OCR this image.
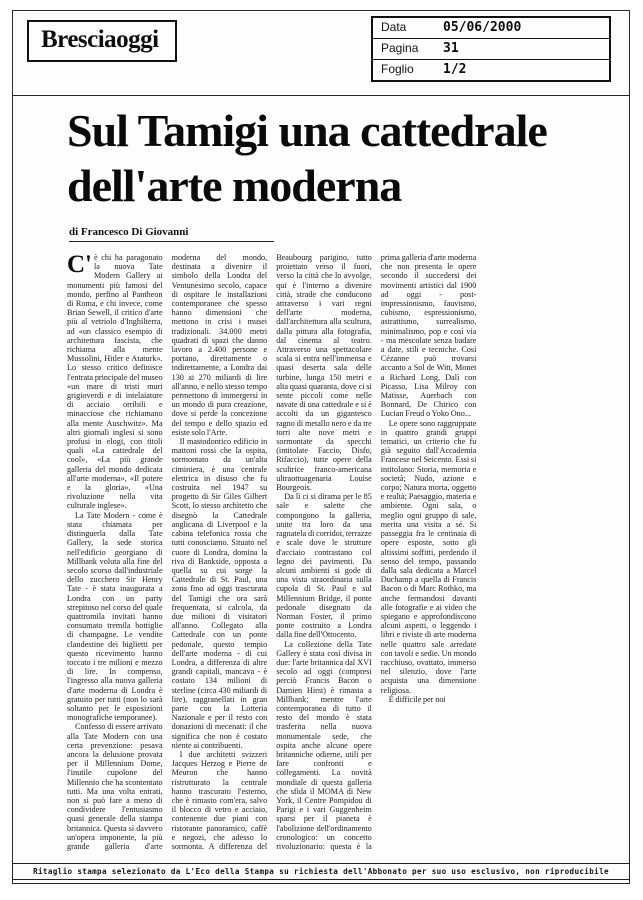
Bresciaoggi	Data	05/06/2000
Pagina	31
Foglio	1/2
Sul Tamigi una cattedrale
dell'arte moderna
di Francesco Di Giovanni

C' è chi ha paragonato la nuova Tate Modern Gallery ai monumenti più famosi del mondo, perfino al Pantheon di Roma, e chi invece, come Brian Sewell, il critico d'arte più al vetriolo d'Inghilterra, ad «un classico esempio di architettura fascista, che richiama alla mente Mussolini, Hitler e Ataturk». Lo stesso critico definisce l'entrata principale del museo «un mare di tristi muri grigioverdi e di intelaiature di acciaio orribili e minacciose che richiamano alla mente Auschwitz». Ma altri giornali inglesi si sono profusi in elogi, con titoli quali «La cattedrale del cool», «La più grande galleria del mondo dedicata all'arte moderna», «Il potere e la gloria», «Una rivoluzione nella vita culturale inglese».

La Tate Modern - come è stata chiamata per distinguerla dalla Tate Gallery, la sede storica nell'edificio georgiano di Millbank voluta alla fine del secolo scorso dall'industriale dello zucchero Sir Henry Tate - è stata inaugurata a Londra con un party strepitoso nel corso del quale quattromila invitati hanno consumato tremila bottiglie di champagne. Le vendite clandestine dei biglietti per questo ricevimento hanno toccato i tre milioni e mezzo di lire. In compenso, l'ingresso alla nuova galleria d'arte moderna di Londra è gratuito per tutti (non lo sarà soltanto per le esposizioni monografiche temporanee).

Confesso di essere arrivato alla Tate Modern con una certa prevenzione: pesava ancora la delusione provata per il Millennium Dome, l'inutile cupolone del Millennio che ha scontentato tutti. Ma una volta entrati, non si può fare a meno di condividere l'entusiasmo quasi generale della stampa britannica. Questa sì davvero un'opera imponente, la più grande galleria d'arte moderna del mondo, destinata a divenire il simbolo della Londra del Ventunesimo secolo, capace di ospitare le installazioni contemporanee che spesso hanno dimensioni che mettono in crisi i musei tradizionali. 34.000 metri quadrati di spazi che danno lavoro a 2.400 persone e portano, direttamente o indirettamente, a Londra dai 130 ai 270 miliardi di lire all'anno, e nello stesso tempo permettono di immergersi in un mondo di pura creazione, dove si perde la concezione del tempo e dello spazio ed esiste solo l'Arte.

Il mastodontico edificio in mattoni rossi che la ospita, sormontato da un'alta ciminiera, è una centrale elettrica in disuso che fu costruita nel 1947 su progetto di Sir Giles Gilbert Scott, lo stesso architetto che disegnò la Cattedrale anglicana di Liverpool e la cabina telefonica rossa che tutti conosciamo. Situato nel cuore di Londra, domina la riva di Bankside, opposta a quella su cui sorge la Cattedrale di St. Paul, una zona fino ad oggi trascurata del Tamigi che ora sarà frequentata, si calcola, da due milioni di visitatori all'anno. Collegato alla Cattedrale con un ponte pedonale, questo tempio dell'arte moderna - di cui Londra, a differenza di altre grandi capitali, mancava - è costato 134 milioni di sterline (circa 430 miliardi di lire), raggranellati in gran parte con la Lotteria Nazionale e per il resto con donazioni di mecenati: il che significa che non è costato niente ai contribuenti.

I due architetti svizzeri Jacques Herzog e Pierre de Meuron che hanno ristrutturato la centrale hanno trascurato l'esterno, che è rimasto com'era, salvo il blocco di vetro e acciaio, contenente due piani con ristorante panoramico, caffè e negozi, che adesso lo sormonta. A differenza del Beaubourg parigino, tutto proiettato verso il fuori, verso la città che lo avvolge, qui è l'interno a divenire città, strade che conducono attraverso i vari regni dell'arte moderna, dall'architettura alla scultura, dalla pittura alla fotografia, dal cinema al teatro. Attraverso una spettacolare scala si entra nell'immensa e quasi deserta sala delle turbine, lunga 150 metri e alta quasi quaranta, dove ci si sente piccoli come nelle navate di una cattedrale e si è accolti da un gigantesco ragno di metallo nero e da tre torri alte nove metri e sormontate da specchi (intitolate Faccio, Disfo, Rifaccio), tutte opere della scultrice franco-americana ultraottuagenaria Louise Bourgeois.

Da lì ci si dirama per le 85 sale e salette che compongono la galleria, unite tra loro da una ragnatela di corridoi, terrazze e scale dove le strutture d'acciaio contrastano col legno dei pavimenti. Da alcuni ambienti si gode di una vista straordinaria sulla cupola di St. Paul e sul Millennium Bridge, il ponte pedonale disegnato da Norman Foster, il primo ponte costruito a Londra dalla fine dell'Ottocento.

La collezione della Tate Gallery è stata così divisa in due: l'arte britannica dal XVI secolo ad oggi (compresi perciò Francis Bacon o Damien Hirst) è rimasta a Millbank; mentre l'arte contemporanea di tutto il resto del mondo è stata trasferita nella nuova monumentale sede, che ospita anche alcune opere britanniche odierne, utili per fare confronti e collegamenti. La novità mondiale di questa galleria che sfida il MOMA di New York, il Centre Pompidou di Parigi e i vari Guggenheim sparsi per il pianeta è l'abolizione dell'ordinamento cronologico: un concetto rivoluzionario: questa è la prima galleria d'arte moderna che non presenta le opere secondo il succedersi dei movimenti artistici dal 1900 ad oggi - post-impressionismo, fauvismo, cubismo, espressionismo, astrattismo, surrealismo, minimalismo, pop e così via - ma mescolate senza badare a date, stili e tecniche. Così Cézanne può trovarsi accanto a Sol de Witt, Monet a Richard Long, Dalì con Picasso, Lisa Milroy con Matisse, Auerbach con Bonnard, De Chirico con Lucian Freud o Yoko Ono...

Le opere sono raggruppate in quattro grandi gruppi tematici, un criterio che fu già seguito dall'Accademia Francese nel Seicento. Essi si intitolano: Storia, memoria e società; Nudo, azione e corpo; Natura morta, oggetto e realtà; Paesaggio, materia e ambiente. Ogni sala, o meglio ogni gruppo di sale, merita una visita a sé. Si passeggia fra le centinaia di opere esposte, sotto gli altissimi soffitti, perdendo il senso del tempo, passando dalla sala dedicata a Marcel Duchamp a quella di Francis Bacon o di Marc Rothko, ma anche fermandosi davanti alle fotografie e ai video che spiegano e approfondiscono alcuni aspetti, o leggendo i libri e riviste di arte moderna nelle quattro sale arredate con tavoli e sedie. Un mondo racchiuso, ovattato, immerso nel silenzio, dove l'arte acquista una dimensione religiosa.

È difficile per noi

Ritaglio stampa selezionato da L'Eco della Stampa su richiesta dell'Abbonato per suo uso esclusivo, non riproducibile
